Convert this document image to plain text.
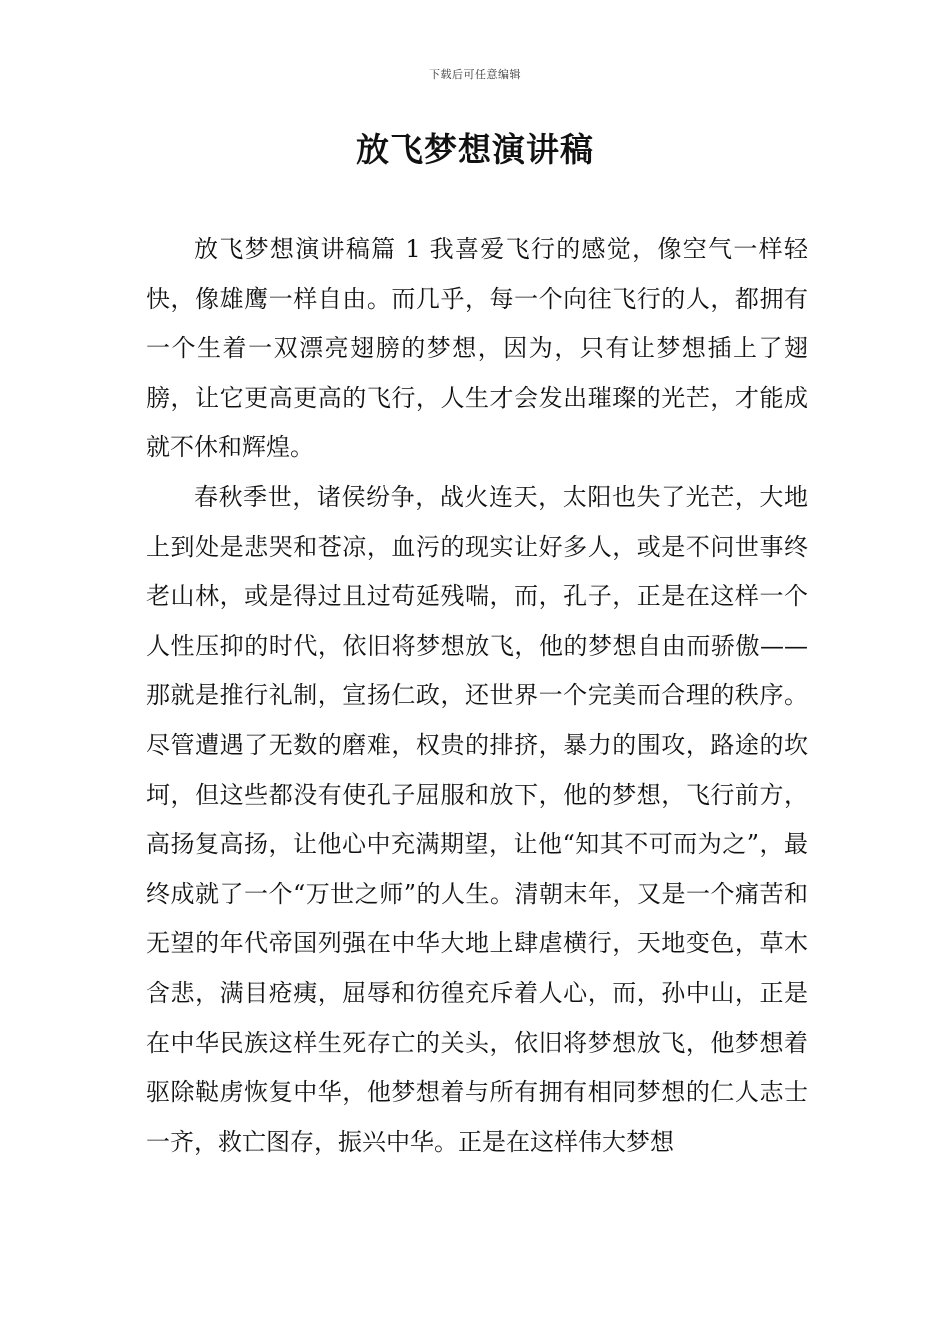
下载后可任意编辑
放飞梦想演讲稿

放飞梦想演讲稿篇 1 我喜爱飞行的感觉，像空气一样轻快，像雄鹰一样自由。而几乎，每一个向往飞行的人，都拥有一个生着一双漂亮翅膀的梦想，因为，只有让梦想插上了翅膀，让它更高更高的飞行，人生才会发出璀璨的光芒，才能成就不休和辉煌。

春秋季世，诸侯纷争，战火连天，太阳也失了光芒，大地上到处是悲哭和苍凉，血污的现实让好多人，或是不问世事终老山林，或是得过且过苟延残喘，而，孔子，正是在这样一个人性压抑的时代，依旧将梦想放飞，他的梦想自由而骄傲——那就是推行礼制，宣扬仁政，还世界一个完美而合理的秩序。尽管遭遇了无数的磨难，权贵的排挤，暴力的围攻，路途的坎坷，但这些都没有使孔子屈服和放下，他的梦想，飞行前方，高扬复高扬，让他心中充满期望，让他“知其不可而为之”，最终成就了一个“万世之师”的人生。清朝末年，又是一个痛苦和无望的年代帝国列强在中华大地上肆虐横行，天地变色，草木含悲，满目疮痍，屈辱和彷徨充斥着人心，而，孙中山，正是在中华民族这样生死存亡的关头，依旧将梦想放飞，他梦想着驱除鞑虏恢复中华，他梦想着与所有拥有相同梦想的仁人志士一齐，救亡图存，振兴中华。正是在这样伟大梦想
